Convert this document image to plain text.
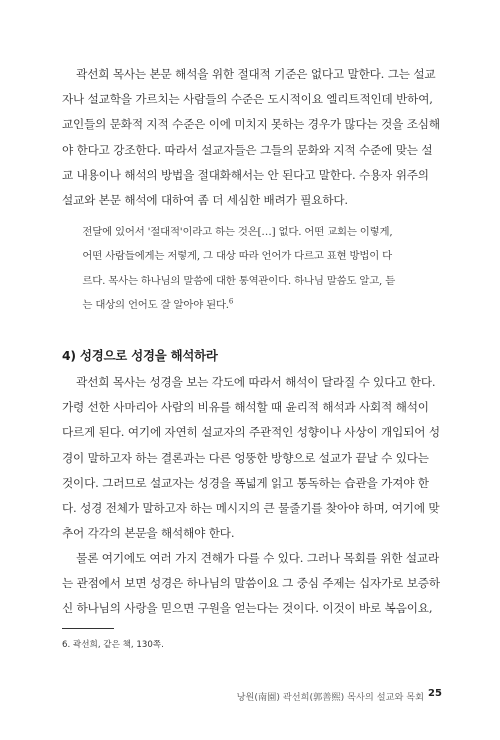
곽선희 목사는 본문 해석을 위한 절대적 기준은 없다고 말한다. 그는 설교
자나 설교학을 가르치는 사람들의 수준은 도시적이요 엘리트적인데 반하여,
교인들의 문화적 지적 수준은 이에 미치지 못하는 경우가 많다는 것을 조심해
야 한다고 강조한다. 따라서 설교자들은 그들의 문화와 지적 수준에 맞는 설
교 내용이나 해석의 방법을 절대화해서는 안 된다고 말한다. 수용자 위주의
설교와 본문 해석에 대하여 좀 더 세심한 배려가 필요하다.
전달에 있어서 '절대적'이라고 하는 것은[…] 없다. 어떤 교회는 이렇게,
어떤 사람들에게는 저렇게, 그 대상 따라 언어가 다르고 표현 방법이 다
르다. 목사는 하나님의 말씀에 대한 통역관이다. 하나님 말씀도 알고, 듣
는 대상의 언어도 잘 알아야 된다.$^6$
4) 성경으로 성경을 해석하라
곽선희 목사는 성경을 보는 각도에 따라서 해석이 달라질 수 있다고 한다.
가령 선한 사마리아 사람의 비유를 해석할 때 윤리적 해석과 사회적 해석이
다르게 된다. 여기에 자연히 설교자의 주관적인 성향이나 사상이 개입되어 성
경이 말하고자 하는 결론과는 다른 엉뚱한 방향으로 설교가 끝날 수 있다는
것이다. 그러므로 설교자는 성경을 폭넓게 읽고 통독하는 습관을 가져야 한
다. 성경 전체가 말하고자 하는 메시지의 큰 물줄기를 찾아야 하며, 여기에 맞
추어 각각의 본문을 해석해야 한다.
물론 여기에도 여러 가지 견해가 다를 수 있다. 그러나 목회를 위한 설교라
는 관점에서 보면 성경은 하나님의 말씀이요 그 중심 주제는 십자가로 보증하
신 하나님의 사랑을 믿으면 구원을 얻는다는 것이다. 이것이 바로 복음이요,

6. 곽선희, 같은 책, 130쪽.

낭원(南園) 곽선희(郭善熙) 목사의 설교와 목회 25
